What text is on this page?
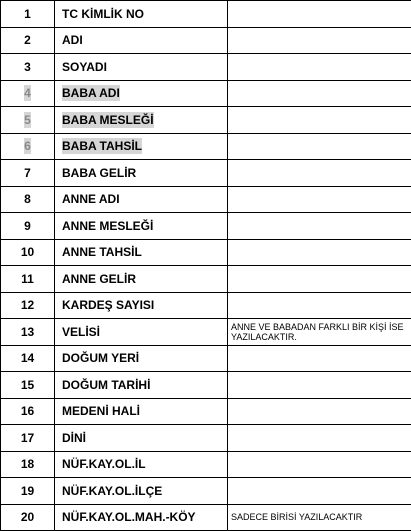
1	TC KİMLİK NO	
2	ADI	
3	SOYADI	
4	BABA ADI	
5	BABA MESLEĞİ	
6	BABA TAHSİL	
7	BABA GELİR	
8	ANNE ADI	
9	ANNE MESLEĞİ	
10	ANNE TAHSİL	
11	ANNE GELİR	
12	KARDEŞ SAYISI	
13	VELİSİ	ANNE VE BABADAN FARKLI BİR KİŞİ İSE YAZILACAKTIR.
14	DOĞUM YERİ	
15	DOĞUM TARİHİ	
16	MEDENİ HALİ	
17	DİNİ	
18	NÜF.KAY.OL.İL	
19	NÜF.KAY.OL.İLÇE	
20	NÜF.KAY.OL.MAH.-KÖY	SADECE BİRİSİ YAZILACAKTIR
